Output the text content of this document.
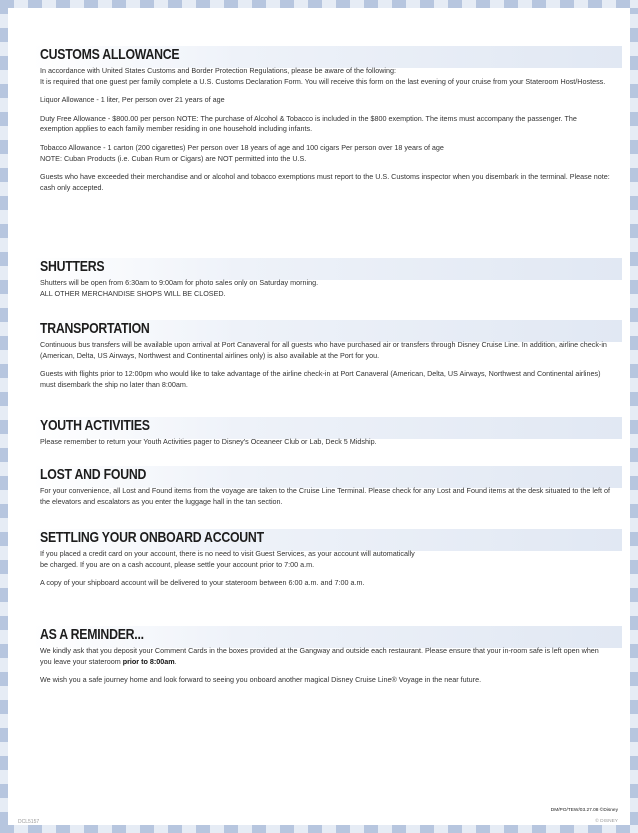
CUSTOMS ALLOWANCE
In accordance with United States Customs and Border Protection Regulations, please be aware of the following:
It is required that one guest per family complete a U.S. Customs Declaration Form. You will receive this form on the last evening of your cruise from your Stateroom Host/Hostess.
Liquor Allowance - 1 liter, Per person over 21 years of age
Duty Free Allowance - $800.00 per person NOTE: The purchase of Alcohol & Tobacco is included in the $800 exemption. The items must accompany the passenger. The exemption applies to each family member residing in one household including infants.
Tobacco Allowance - 1 carton (200 cigarettes) Per person over 18 years of age and 100 cigars Per person over 18 years of age
NOTE: Cuban Products (i.e. Cuban Rum or Cigars) are NOT permitted into the U.S.
Guests who have exceeded their merchandise and or alcohol and tobacco exemptions must report to the U.S. Customs inspector when you disembark in the terminal. Please note: cash only accepted.
SHUTTERS
Shutters will be open from 6:30am to 9:00am for photo sales only on Saturday morning.
ALL OTHER MERCHANDISE SHOPS WILL BE CLOSED.
TRANSPORTATION
Continuous bus transfers will be available upon arrival at Port Canaveral for all guests who have purchased air or transfers through Disney Cruise Line. In addition, airline check-in (American, Delta, US Airways, Northwest and Continental airlines only) is also available at the Port for you.
Guests with flights prior to 12:00pm who would like to take advantage of the airline check-in at Port Canaveral (American, Delta, US Airways, Northwest and Continental airlines) must disembark the ship no later than 8:00am.
YOUTH ACTIVITIES
Please remember to return your Youth Activities pager to Disney's Oceaneer Club or Lab, Deck 5 Midship.
LOST AND FOUND
For your convenience, all Lost and Found items from the voyage are taken to the Cruise Line Terminal. Please check for any Lost and Found items at the desk situated to the left of the elevators and escalators as you enter the luggage hall in the tan section.
SETTLING YOUR ONBOARD ACCOUNT
If you placed a credit card on your account, there is no need to visit Guest Services, as your account will automatically
be charged. If you are on a cash account, please settle your account prior to 7:00 a.m.
A copy of your shipboard account will be delivered to your stateroom between 6:00 a.m. and 7:00 a.m.
AS A REMINDER...
We kindly ask that you deposit your Comment Cards in the boxes provided at the Gangway and outside each restaurant. Please ensure that your in-room safe is left open when you leave your stateroom prior to 8:00am.
We wish you a safe journey home and look forward to seeing you onboard another magical Disney Cruise Line® Voyage in the near future.
DCL5157
DM/PO/TEW/03.27.08 ©Disney
© DISNEY
